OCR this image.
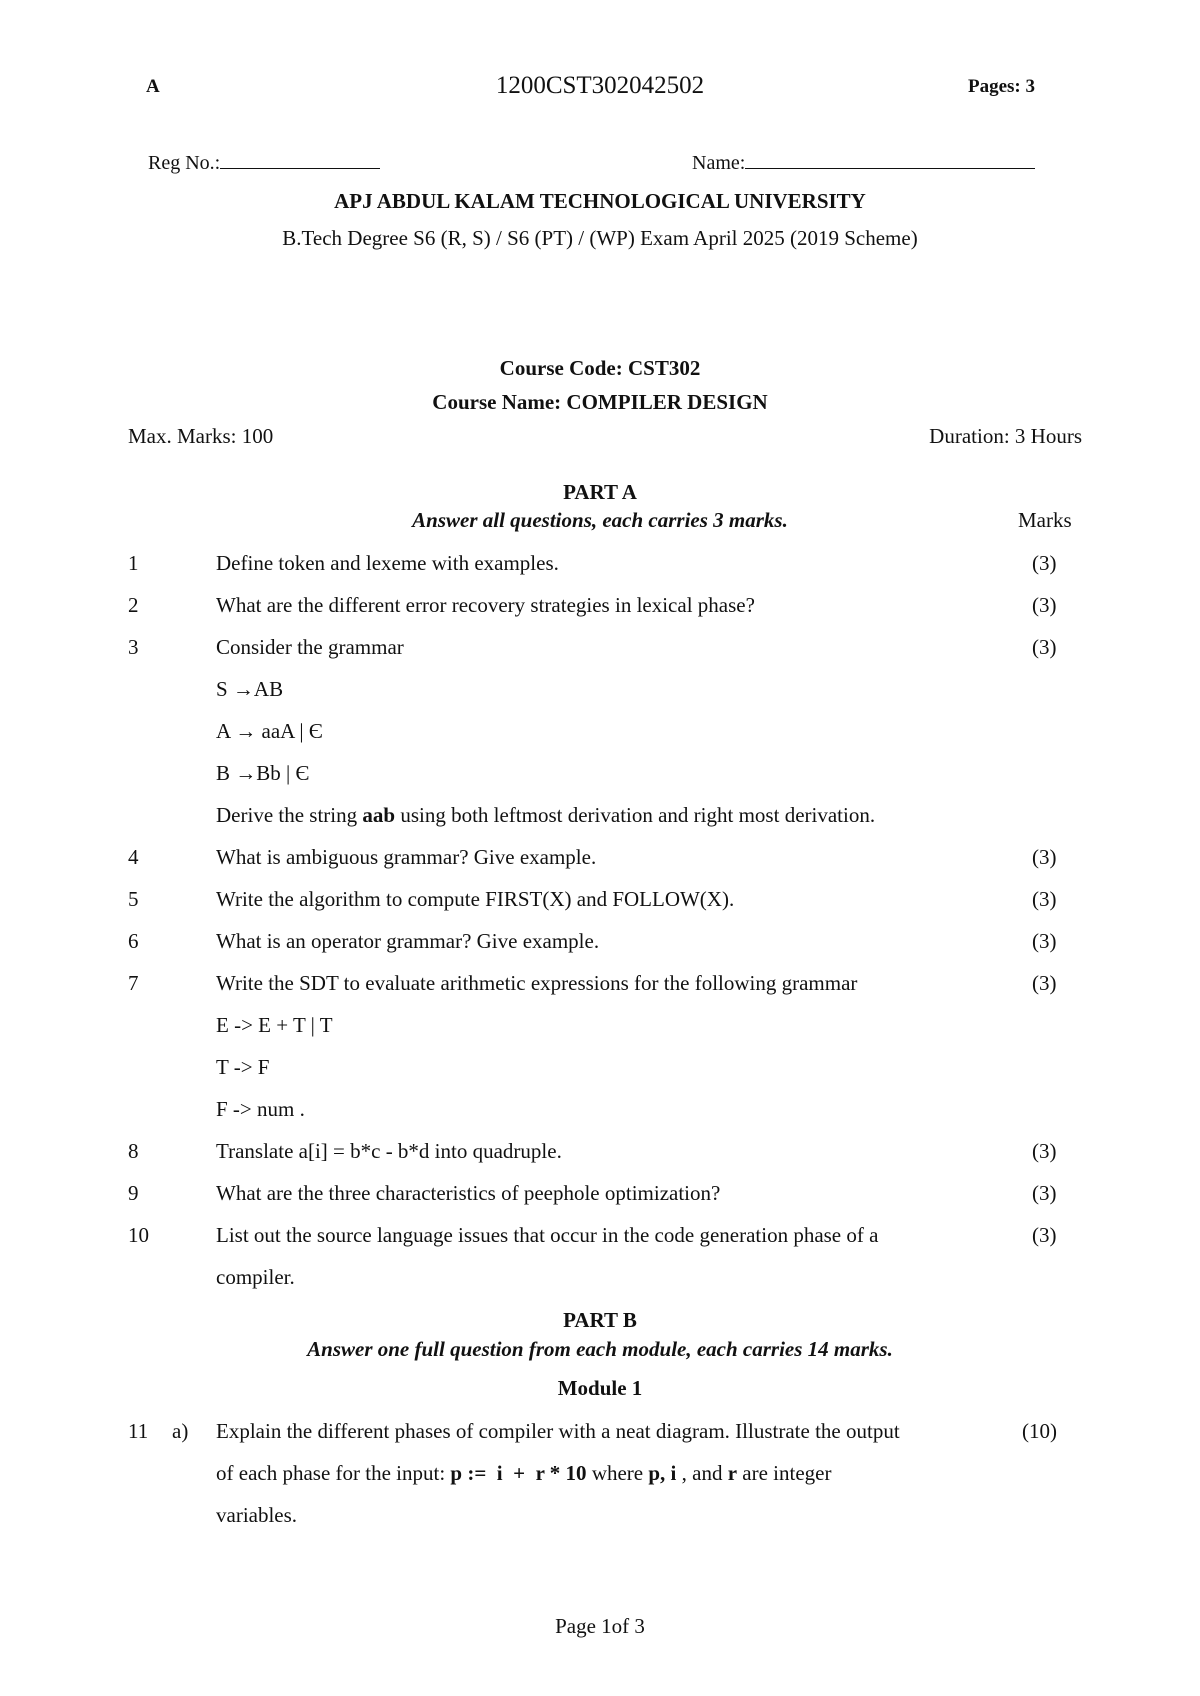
A	1200CST302042502	Pages: 3
Reg No.:	Name:
APJ ABDUL KALAM TECHNOLOGICAL UNIVERSITY
B.Tech Degree S6 (R, S) / S6 (PT) / (WP) Exam April 2025 (2019 Scheme)
Course Code: CST302
Course Name: COMPILER DESIGN
Max. Marks: 100	Duration: 3 Hours
PART A
Answer all questions, each carries 3 marks.	Marks
1	Define token and lexeme with examples.	(3)
2	What are the different error recovery strategies in lexical phase?	(3)
3	Consider the grammar	(3)
S →AB
A → aaA | Є
B →Bb | Є
Derive the string aab using both leftmost derivation and right most derivation.
4	What is ambiguous grammar? Give example.	(3)
5	Write the algorithm to compute FIRST(X) and FOLLOW(X).	(3)
6	What is an operator grammar? Give example.	(3)
7	Write the SDT to evaluate arithmetic expressions for the following grammar	(3)
E -> E + T | T
T -> F
F -> num .
8	Translate a[i] = b*c - b*d into quadruple.	(3)
9	What are the three characteristics of peephole optimization?	(3)
10	List out the source language issues that occur in the code generation phase of a	(3)
compiler.
PART B
Answer one full question from each module, each carries 14 marks.
Module 1
11 a) Explain the different phases of compiler with a neat diagram. Illustrate the output	(10)
of each phase for the input: p :=  i  +  r * 10 where p, i , and r are integer
variables.
Page 1of 3
